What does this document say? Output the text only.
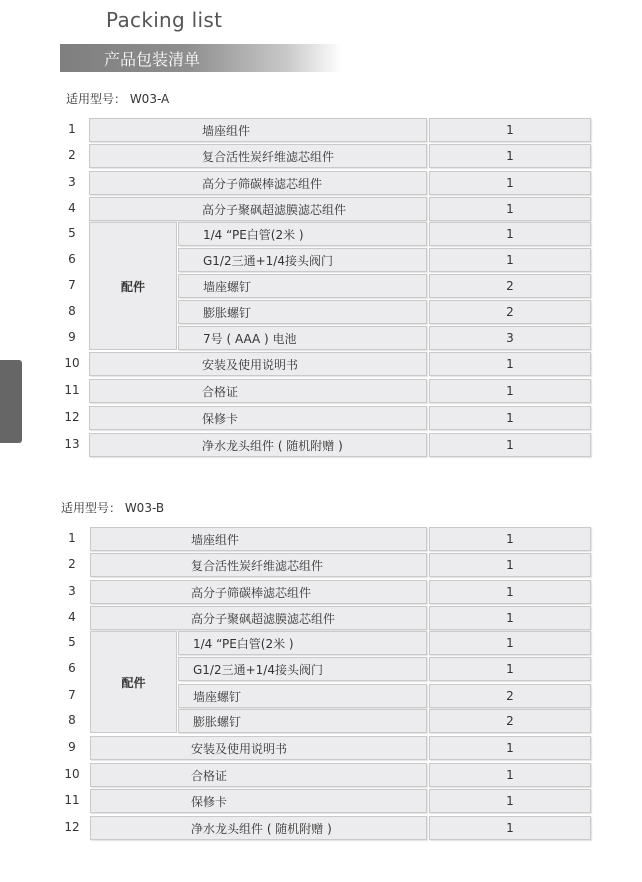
Packing list
产品包装清单
适用型号： W03-A
配件
1	墙座组件	1
2	复合活性炭纤维滤芯组件	1
3	高分子筛碳棒滤芯组件	1
4	高分子聚砜超滤膜滤芯组件	1
5	1/4 “PE白管(2米 )	1
6	G1/2三通+1/4接头阀门	1
7	墙座螺钉	2
8	膨胀螺钉	2
9	7号 ( AAA ) 电池	3
10	安装及使用说明书	1
11	合格证	1
12	保修卡	1
13	净水龙头组件 ( 随机附赠 )	1
适用型号： W03-B
配件
1	墙座组件	1
2	复合活性炭纤维滤芯组件	1
3	高分子筛碳棒滤芯组件	1
4	高分子聚砜超滤膜滤芯组件	1
5	1/4 “PE白管(2米 )	1
6	G1/2三通+1/4接头阀门	1
7	墙座螺钉	2
8	膨胀螺钉	2
9	安装及使用说明书	1
10	合格证	1
11	保修卡	1
12	净水龙头组件 ( 随机附赠 )	1
